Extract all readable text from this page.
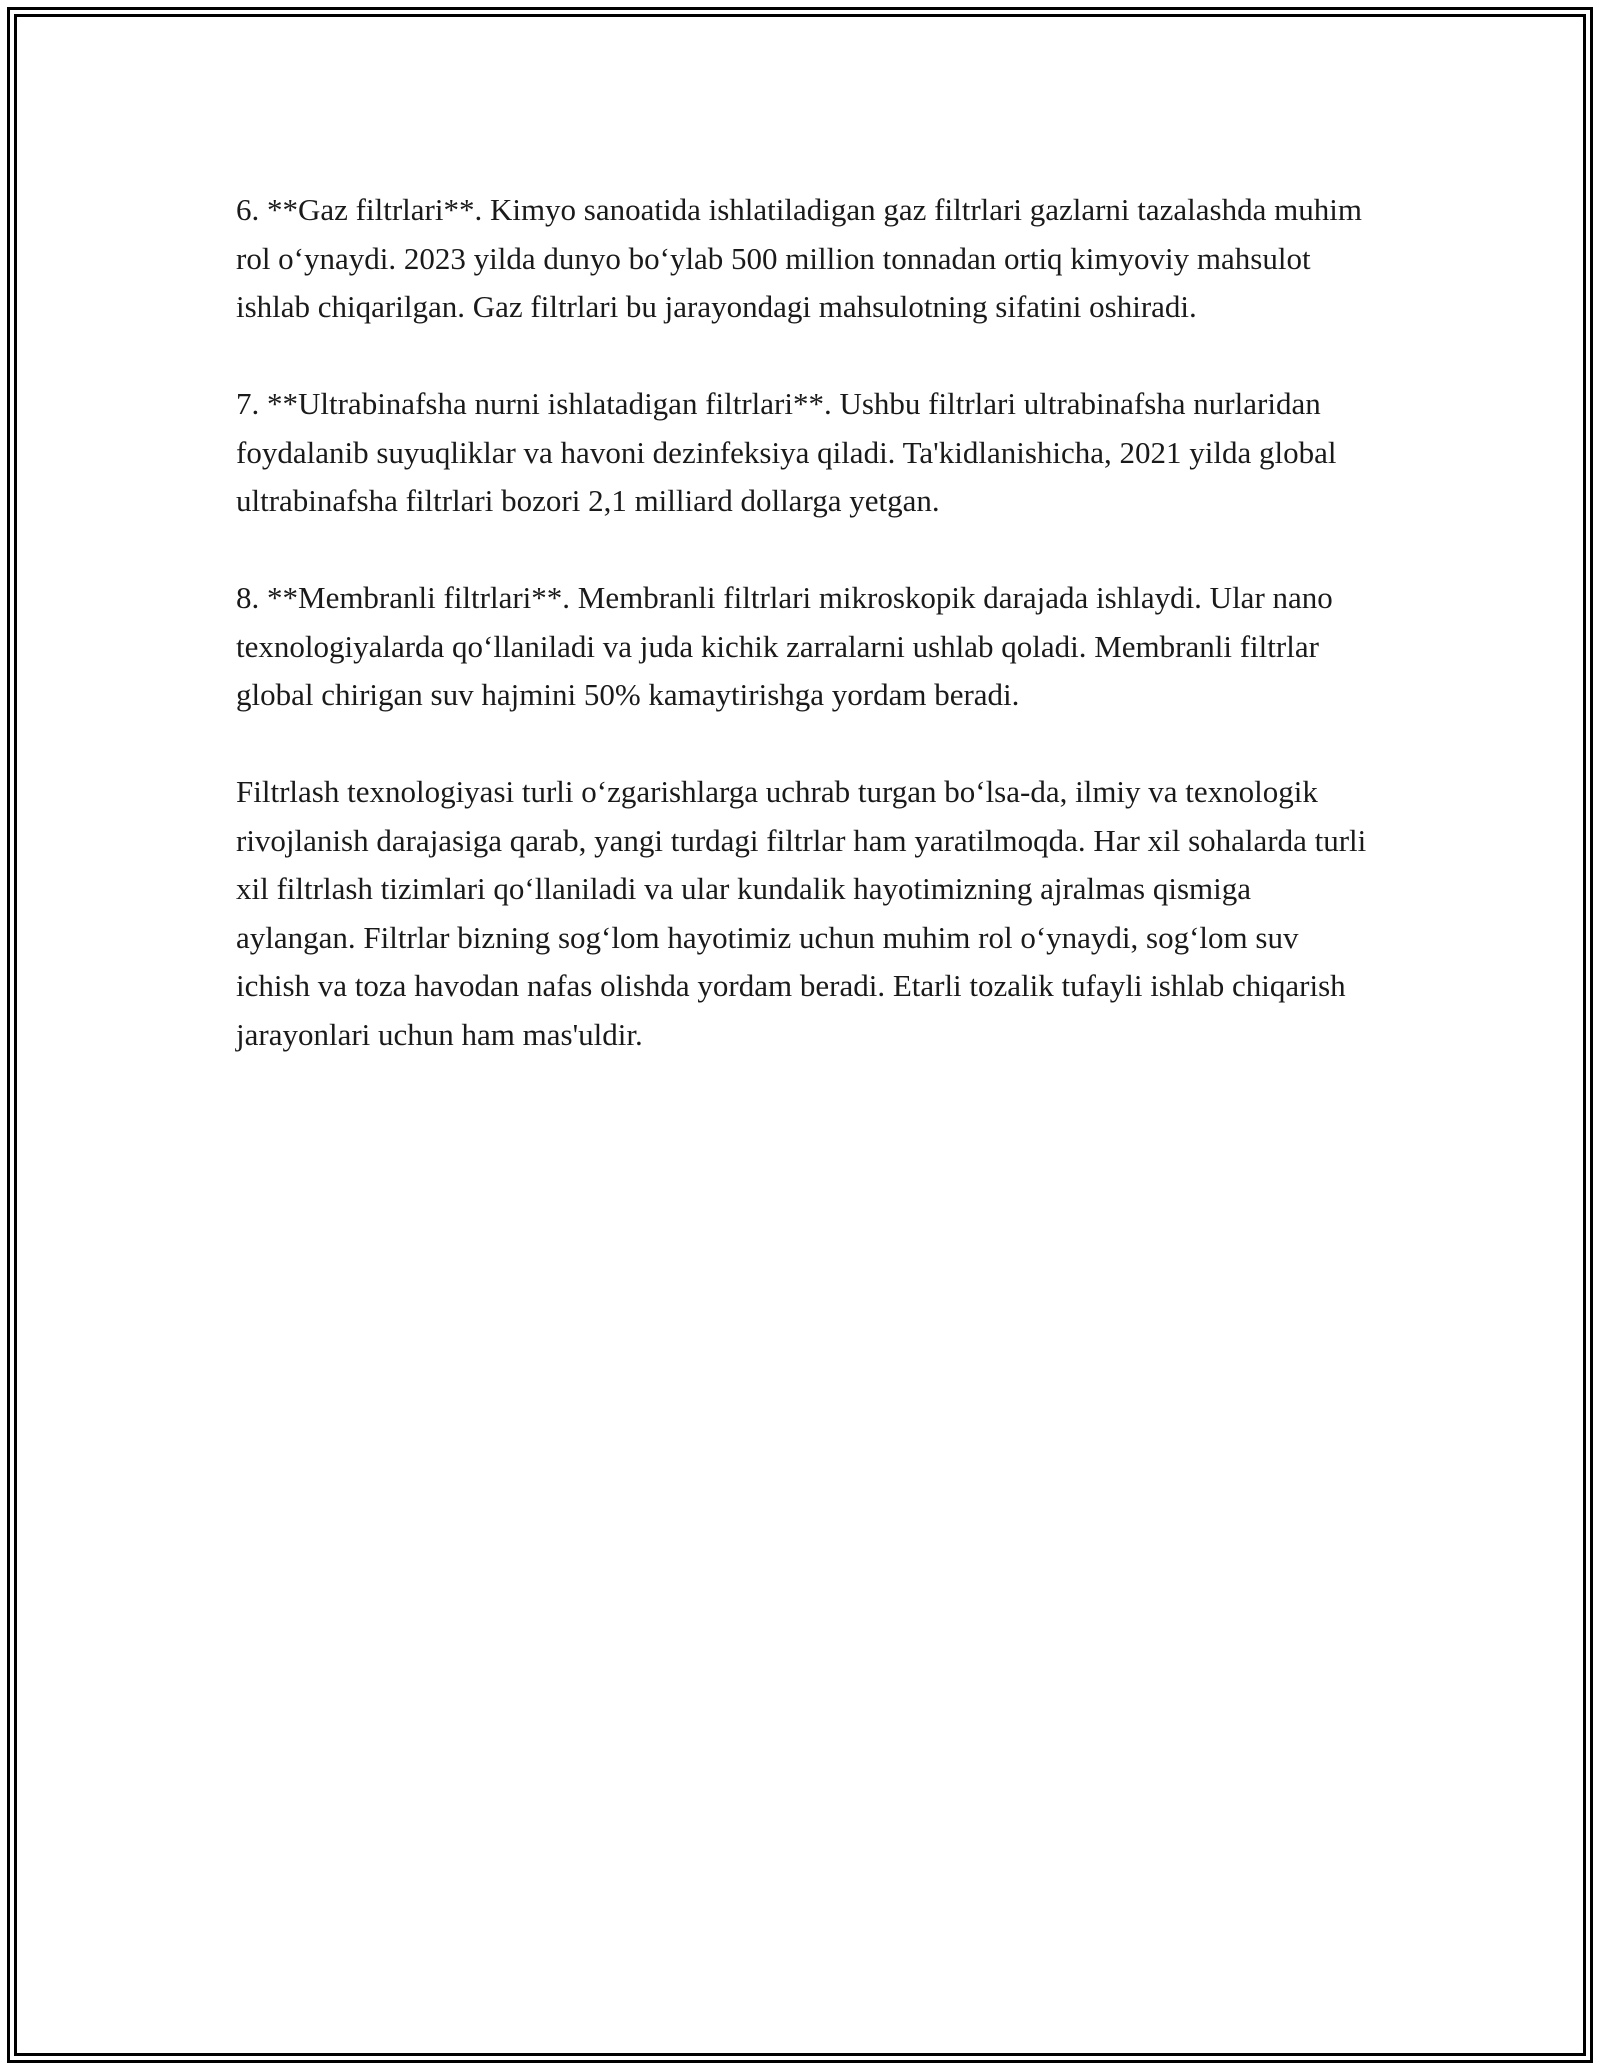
6. **Gaz filtrlari**. Kimyo sanoatida ishlatiladigan gaz filtrlari gazlarni tazalashda muhim rol o‘ynaydi. 2023 yilda dunyo bo‘ylab 500 million tonnadan ortiq kimyoviy mahsulot ishlab chiqarilgan. Gaz filtrlari bu jarayondagi mahsulotning sifatini oshiradi.

7. **Ultrabinafsha nurni ishlatadigan filtrlari**. Ushbu filtrlari ultrabinafsha nurlaridan foydalanib suyuqliklar va havoni dezinfeksiya qiladi. Ta'kidlanishicha, 2021 yilda global ultrabinafsha filtrlari bozori 2,1 milliard dollarga yetgan.

8. **Membranli filtrlari**. Membranli filtrlari mikroskopik darajada ishlaydi. Ular nano texnologiyalarda qo‘llaniladi va juda kichik zarralarni ushlab qoladi. Membranli filtrlar global chirigan suv hajmini 50% kamaytirishga yordam beradi.

Filtrlash texnologiyasi turli o‘zgarishlarga uchrab turgan bo‘lsa-da, ilmiy va texnologik rivojlanish darajasiga qarab, yangi turdagi filtrlar ham yaratilmoqda. Har xil sohalarda turli xil filtrlash tizimlari qo‘llaniladi va ular kundalik hayotimizning ajralmas qismiga aylangan. Filtrlar bizning sog‘lom hayotimiz uchun muhim rol o‘ynaydi, sog‘lom suv ichish va toza havodan nafas olishda yordam beradi. Etarli tozalik tufayli ishlab chiqarish jarayonlari uchun ham mas'uldir.
